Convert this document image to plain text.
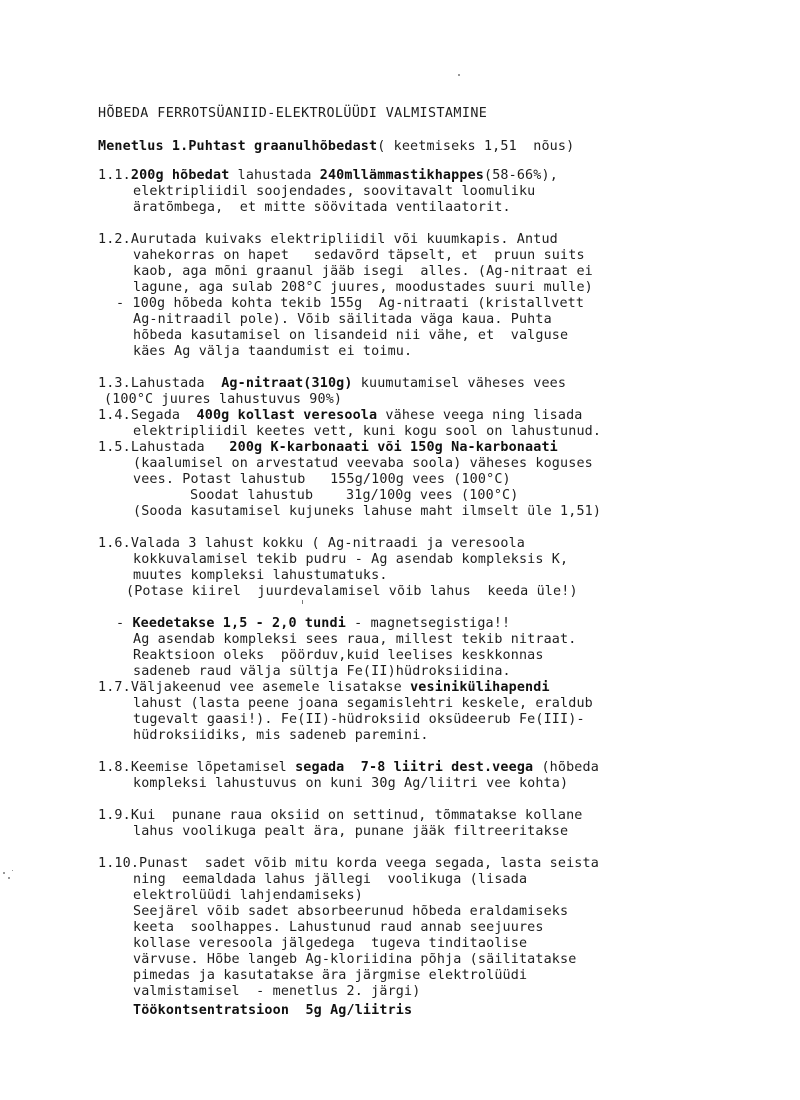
HÕBEDA FERROTSÜANIID-ELEKTROLÜÜDI VALMISTAMINE
Menetlus 1.Puhtast graanulhõbedast( keetmiseks 1,51  nõus)
1.1.200g hõbedat lahustada 240mllämmastikhappes(58-66%),
elektripliidil soojendades, soovitavalt loomuliku
äratõmbega,  et mitte söövitada ventilaatorit.
1.2.Aurutada kuivaks elektripliidil või kuumkapis. Antud
vahekorras on hapet   sedavõrd täpselt, et  pruun suits
kaob, aga mõni graanul jääb isegi  alles. (Ag-nitraat ei
lagune, aga sulab 208°C juures, moodustades suuri mulle)
- 100g hõbeda kohta tekib 155g  Ag-nitraati (kristallvett
Ag-nitraadil pole). Võib säilitada väga kaua. Puhta
hõbeda kasutamisel on lisandeid nii vähe, et  valguse
käes Ag välja taandumist ei toimu.
1.3.Lahustada  Ag-nitraat(310g) kuumutamisel väheses vees
(100°C juures lahustuvus 90%)
1.4.Segada  400g kollast veresoola vähese veega ning lisada
elektripliidil keetes vett, kuni kogu sool on lahustunud.
1.5.Lahustada   200g K-karbonaati või 150g Na-karbonaati
(kaalumisel on arvestatud veevaba soola) väheses koguses
vees. Potast lahustub   155g/100g vees (100°C)
Soodat lahustub    31g/100g vees (100°C)
(Sooda kasutamisel kujuneks lahuse maht ilmselt üle 1,51)
1.6.Valada 3 lahust kokku ( Ag-nitraadi ja veresoola
kokkuvalamisel tekib pudru - Ag asendab kompleksis K,
muutes kompleksi lahustumatuks.
(Potase kiirel  juurdevalamisel võib lahus  keeda üle!)
- Keedetakse 1,5 - 2,0 tundi - magnetsegistiga!!
Ag asendab kompleksi sees raua, millest tekib nitraat.
Reaktsioon oleks  pöörduv,kuid leelises keskkonnas
sadeneb raud välja sültja Fe(II)hüdroksiidina.
1.7.Väljakeenud vee asemele lisatakse vesinikülihapendi
lahust (lasta peene joana segamislehtri keskele, eraldub
tugevalt gaasi!). Fe(II)-hüdroksiid oksüdeerub Fe(III)-
hüdroksiidiks, mis sadeneb paremini.
1.8.Keemise lõpetamisel segada  7-8 liitri dest.veega (hõbeda
kompleksi lahustuvus on kuni 30g Ag/liitri vee kohta)
1.9.Kui  punane raua oksiid on settinud, tõmmatakse kollane
lahus voolikuga pealt ära, punane jääk filtreeritakse
1.10.Punast  sadet võib mitu korda veega segada, lasta seista
ning  eemaldada lahus jällegi  voolikuga (lisada
elektrolüüdi lahjendamiseks)
Seejärel võib sadet absorbeerunud hõbeda eraldamiseks
keeta  soolhappes. Lahustunud raud annab seejuures
kollase veresoola jälgedega  tugeva tinditaolise
värvuse. Hõbe langeb Ag-kloriidina põhja (säilitatakse
pimedas ja kasutatakse ära järgmise elektrolüüdi
valmistamisel  - menetlus 2. järgi)
Töökontsentratsioon  5g Ag/liitris
